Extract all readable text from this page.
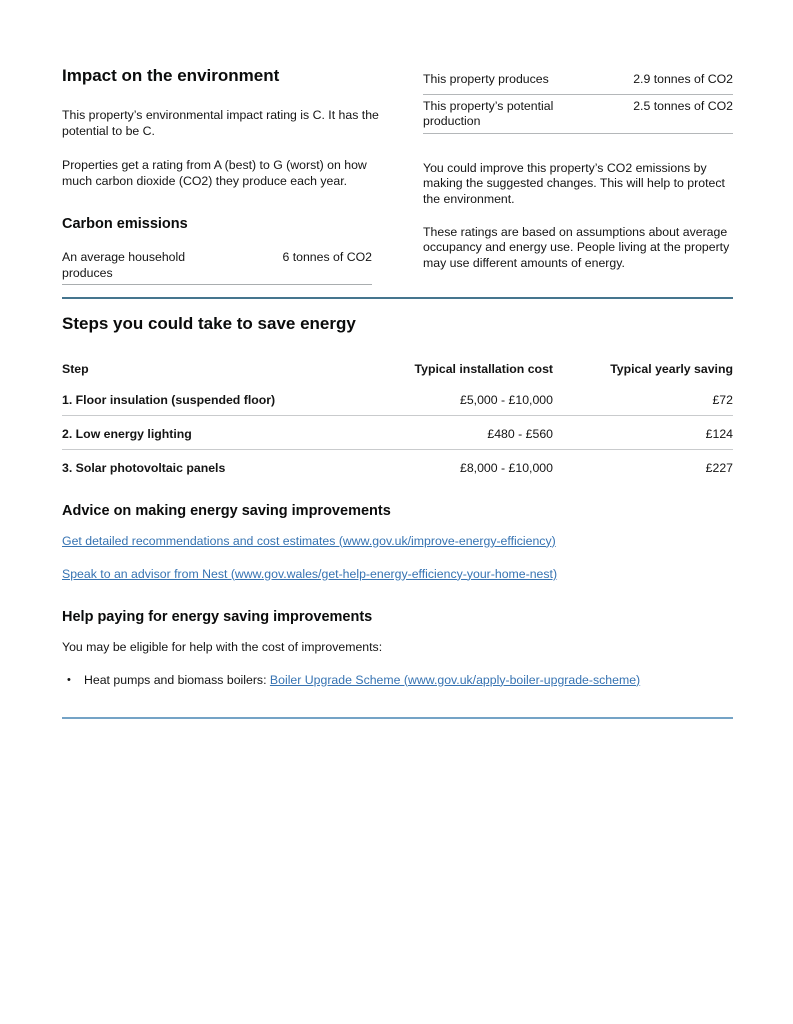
Impact on the environment

This property’s environmental impact rating is C. It has the potential to be C.

Properties get a rating from A (best) to G (worst) on how much carbon dioxide (CO2) they produce each year.

Carbon emissions
An average household produces
6 tonnes of CO2
This property produces	2.9 tonnes of CO2
This property’s potential production
2.5 tonnes of CO2

You could improve this property’s CO2 emissions by making the suggested changes. This will help to protect the environment.

These ratings are based on assumptions about average occupancy and energy use. People living at the property may use different amounts of energy.

Steps you could take to save energy
Step	Typical installation cost	Typical yearly saving
1. Floor insulation (suspended floor)	£5,000 - £10,000	£72
2. Low energy lighting	£480 - £560	£124
3. Solar photovoltaic panels	£8,000 - £10,000	£227
Advice on making energy saving improvements

Get detailed recommendations and cost estimates (www.gov.uk/improve-energy-efficiency)

Speak to an advisor from Nest (www.gov.wales/get-help-energy-efficiency-your-home-nest)

Help paying for energy saving improvements

You may be eligible for help with the cost of improvements:

•	Heat pumps and biomass boilers: Boiler Upgrade Scheme (www.gov.uk/apply-boiler-upgrade-scheme)
